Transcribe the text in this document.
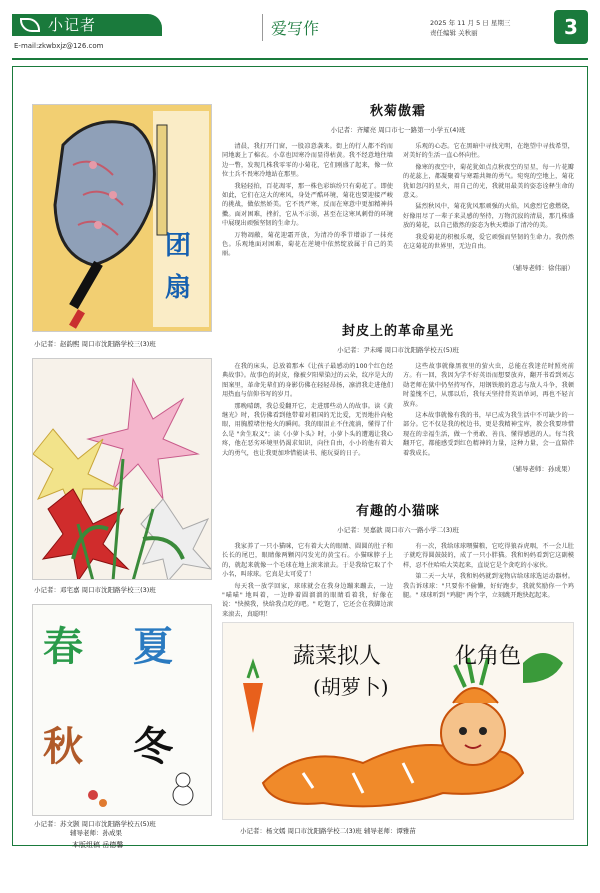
小记者
E-mail:zkwbxjz@126.com
爱写作	2025 年 11 月 5 日 星期三
责任编辑 关秋丽	3
团 扇
小记者：赵韵熙 周口市沈阳路学校三(3)班
小记者：邓宅嘉 周口市沈阳路学校三(3)班
春 夏
秋 冬
小记者：苏文颢 周口市沈阳路学校五(5)班
辅导老师：孙成果
本版组稿 岳德馨
秋菊傲霜
小记者：齐耀亮 周口市七一路第一小学五(4)班

清晨，我打开门窗，一股凉意袭来。街上的行人都不约而同地裹上了棉衣。小草也因寒冷而显得枯黄。我不经意地往墙边一瞥，发现几株我零零的小菊花，它们刚盛了起来，像一位位士兵不畏寒冷地站在那里。

我轻轻拍，百花凋零，那一株色彩缤纷只有菊花了。即使如此，它们在这大的寒风，身处严酷环境，菊花也要迎接严峻的挑战，做依然娇美。它不畏严寒，反而在寒意中更加精神抖擞。面对困难，挫折，它从不示弱，甚至在这寒风刺骨的环境中展现出顽强坚韧的生命力。

万物凋敝，菊花迎霜开放，为清冷的季节增添了一抹亮色。乐观地面对困难，菊花在逆境中依然绽放属于自己的美丽。

乐观的心态。它在黑暗中寻找光明，在绝望中寻找希望，对美好的生活一直心怀向往。

像寒的夜空中，菊花犹如点点秋夜空的星星，每一片花瓣的花蕊上，都凝聚着与寒霜共舞的勇气。宛宛的空地上，菊花犹如忽闪的星火，用自己的光，我就用最美的姿态诠释生命的意义。

猛烈秋风中，菊花犹风那顽强的火焰，风愈烈它愈燃烧，好像用尽了一辈子来灵感的坚持，万物沉寂的清晨，那几株盛放的菊花，以自己傲然的姿态为秋天增添了清冷的美。

我爱菊花的积极乐观，爱它顽强而坚韧的生命力。我仍然在这菊花的世界里，无边自由。

（辅导老师：徐伟丽）
封皮上的革命星光
小记者：尹未晞 周口市沈阳路学校五(5)班

在我的床头，总放着那本《让孩子最感动的100个红色经典故事》。故事色的封皮，像被夕阳晕染过的云朵，纹序是大的图案里，革命先辈们的身影仿佛在轻轻昂扬，凛清我走进他们用热血与信仰书写的岁月。

那晚晴朗，我总爱翻开它，走进那些动人的故事。读《黄继光》时，我仿佛看到他带着对祖国的无比爱，无畏地扑向枪眼，用胸膛堵住枪火的瞬间。我的眼泪止不住流淌，懂得了什么是 "舍生取义"；读《小萝卜头》时，小萝卜头的遭遇让我心疼，他在恶劣环境里仍渴求知识，向往自由，小小的他有着大大的勇气，也让我更加珍惜能读书、能玩耍的日子。

这些故事就像黑夜里的萤火虫，总能在我迷茫时照亮前方。有一回，我因为学不好英语而想要放弃，翻开书看到刘志勋老师在狱中仍坚持写作，用钢铁般的意志与敌人斗争，我顿时羞愧不已，从那以后，我每天坚持背英语单词，再也不轻言放弃。

这本故事就像有我的书，早已成为我生活中不可缺少的一部分。它不仅是我的枕边书，更是我精神宝库，教会我要珍惜现在的幸福生活，做一个勇敢、善良、懂得感恩的人。每当我翻开它，都能感受到红色精神的力量，这种力量，会一直陪伴着我成长。

（辅导老师：孙成果）
有趣的小猫咪
小记者：吴嘉歆 周口市六一路小学二(3)班

我家养了一只小猫咪，它有着大大的眼睛、圆圆的肚子和长长的尾巴，眼睛像两颗闪闪发光的黄宝石。小猫咪脖子上的，就起来就像一个毛球在地上滚来滚去。于是我给它取了个小名，叫球球。它真是太可爱了！

每天我一放学回家，球球就会在我身边蹦来蹦去，一边 "喵喵" 地叫着，一边睁着圆溜溜的眼睛看着我，好像在说："快摸我，快给我点吃的吧。" 吃饱了，它还会在我脚边滚来滚去，真聪明！

有一次，我给球球喂猫粮，它吃得狼吞虎咽，不一会儿肚子就吃得圆鼓鼓的，成了一只小胖猫。我和妈妈看到它这副模样，忍不住哈哈大笑起来，直说它是个贪吃的小家伙。

第二天一大早，我和妈妈就到宠物店给球球选运动器材。我告诉球球："只要你不偷懒，好好跑步，我就奖励你一个鸡腿。" 球球听到 "鸡腿" 两个字，立刻跳开跑快起起来。

蔬菜拟人
(胡萝卜)
化角色
小记者：杨文嫣 周口市沈阳路学校二(3)班 辅导老师：谭雅苗
